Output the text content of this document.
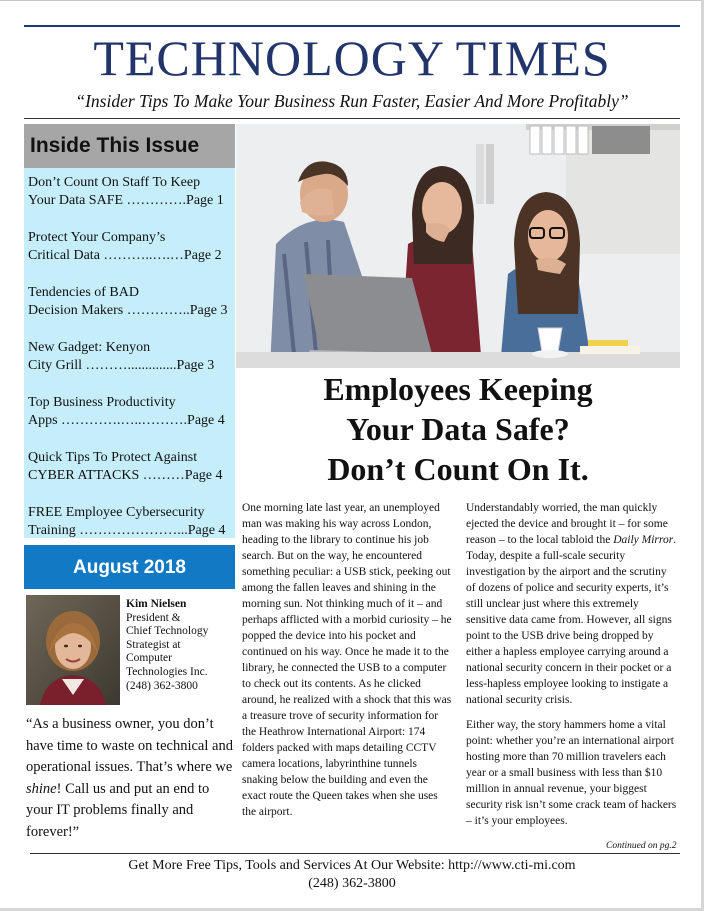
TECHNOLOGY TIMES
“Insider Tips To Make Your Business Run Faster, Easier And More Profitably”
Inside This Issue
Don’t Count On Staff To Keep
Your Data SAFE ………….Page 1
Protect Your Company’s
Critical Data ………..….…Page 2
Tendencies of BAD
Decision Makers …………..Page 3
New Gadget: Kenyon
City Grill ………..............Page 3
Top Business Productivity
Apps ………….…..……….Page 4
Quick Tips To Protect Against
CYBER ATTACKS ………Page 4
FREE Employee Cybersecurity
Training …………………...Page 4
August 2018
Kim Nielsen
President &
Chief Technology
Strategist at
Computer
Technologies Inc.
(248) 362-3800
“As a business owner, you don’t have time to waste on technical and operational issues. That’s where we shine! Call us and put an end to your IT problems finally and forever!”
Employees Keeping
Your Data Safe?
Don’t Count On It.

One morning late last year, an unemployed man was making his way across London, heading to the library to continue his job search. But on the way, he encountered something peculiar: a USB stick, peeking out among the fallen leaves and shining in the morning sun. Not thinking much of it – and perhaps afflicted with a morbid curiosity – he popped the device into his pocket and continued on his way. Once he made it to the library, he connected the USB to a computer to check out its contents. As he clicked around, he realized with a shock that this was a treasure trove of security information for the Heathrow International Airport: 174 folders packed with maps detailing CCTV camera locations, labyrinthine tunnels snaking below the building and even the exact route the Queen takes when she uses the airport.

Understandably worried, the man quickly ejected the device and brought it – for some reason – to the local tabloid the Daily Mirror. Today, despite a full-scale security investigation by the airport and the scrutiny of dozens of police and security experts, it’s still unclear just where this extremely sensitive data came from. However, all signs point to the USB drive being dropped by either a hapless employee carrying around a national security concern in their pocket or a less-hapless employee looking to instigate a national security crisis.

Either way, the story hammers home a vital point: whether you’re an international airport hosting more than 70 million travelers each year or a small business with less than $10 million in annual revenue, your biggest security risk isn’t some crack team of hackers – it’s your employees.

Continued on pg.2
Get More Free Tips, Tools and Services At Our Website: http://www.cti-mi.com
(248) 362-3800
